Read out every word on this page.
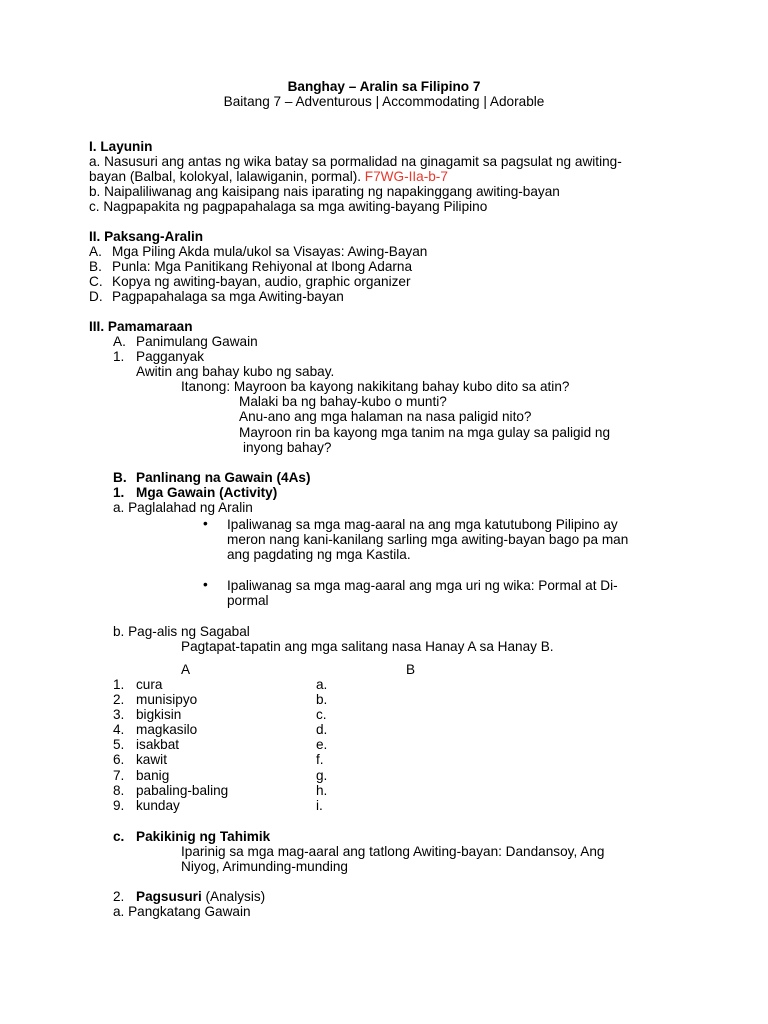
Banghay – Aralin sa Filipino 7
Baitang 7 – Adventurous | Accommodating | Adorable
I. Layunin
a. Nasusuri ang antas ng wika batay sa pormalidad na ginagamit sa pagsulat ng awiting-
bayan (Balbal, kolokyal, lalawiganin, pormal). F7WG-IIa-b-7
b. Naipaliliwanag ang kaisipang nais iparating ng napakinggang awiting-bayan
c. Nagpapakita ng pagpapahalaga sa mga awiting-bayang Pilipino
II. Paksang-Aralin
A. Mga Piling Akda mula/ukol sa Visayas: Awing-Bayan
B. Punla: Mga Panitikang Rehiyonal at Ibong Adarna
C. Kopya ng awiting-bayan, audio, graphic organizer
D. Pagpapahalaga sa mga Awiting-bayan
III. Pamamaraan
A. Panimulang Gawain
1. Pagganyak
Awitin ang bahay kubo ng sabay.
Itanong: Mayroon ba kayong nakikitang bahay kubo dito sa atin?
Malaki ba ng bahay-kubo o munti?
Anu-ano ang mga halaman na nasa paligid nito?
Mayroon rin ba kayong mga tanim na mga gulay sa paligid ng
inyong bahay?
B. Panlinang na Gawain (4As)
1. Mga Gawain (Activity)
a. Paglalahad ng Aralin
• Ipaliwanag sa mga mag-aaral na ang mga katutubong Pilipino ay
meron nang kani-kanilang sarling mga awiting-bayan bago pa man
ang pagdating ng mga Kastila.
• Ipaliwanag sa mga mag-aaral ang mga uri ng wika: Pormal at Di-
pormal
b. Pag-alis ng Sagabal
Pagtapat-tapatin ang mga salitang nasa Hanay A sa Hanay B.
A	B
1. cura	a.
2. munisipyo	b.
3. bigkisin	c.
4. magkasilo	d.
5. isakbat	e.
6. kawit	f.
7. banig	g.
8. pabaling-baling	h.
9. kunday	i.
c. Pakikinig ng Tahimik
Iparinig sa mga mag-aaral ang tatlong Awiting-bayan: Dandansoy, Ang
Niyog, Arimunding-munding
2. Pagsusuri (Analysis)
a. Pangkatang Gawain
